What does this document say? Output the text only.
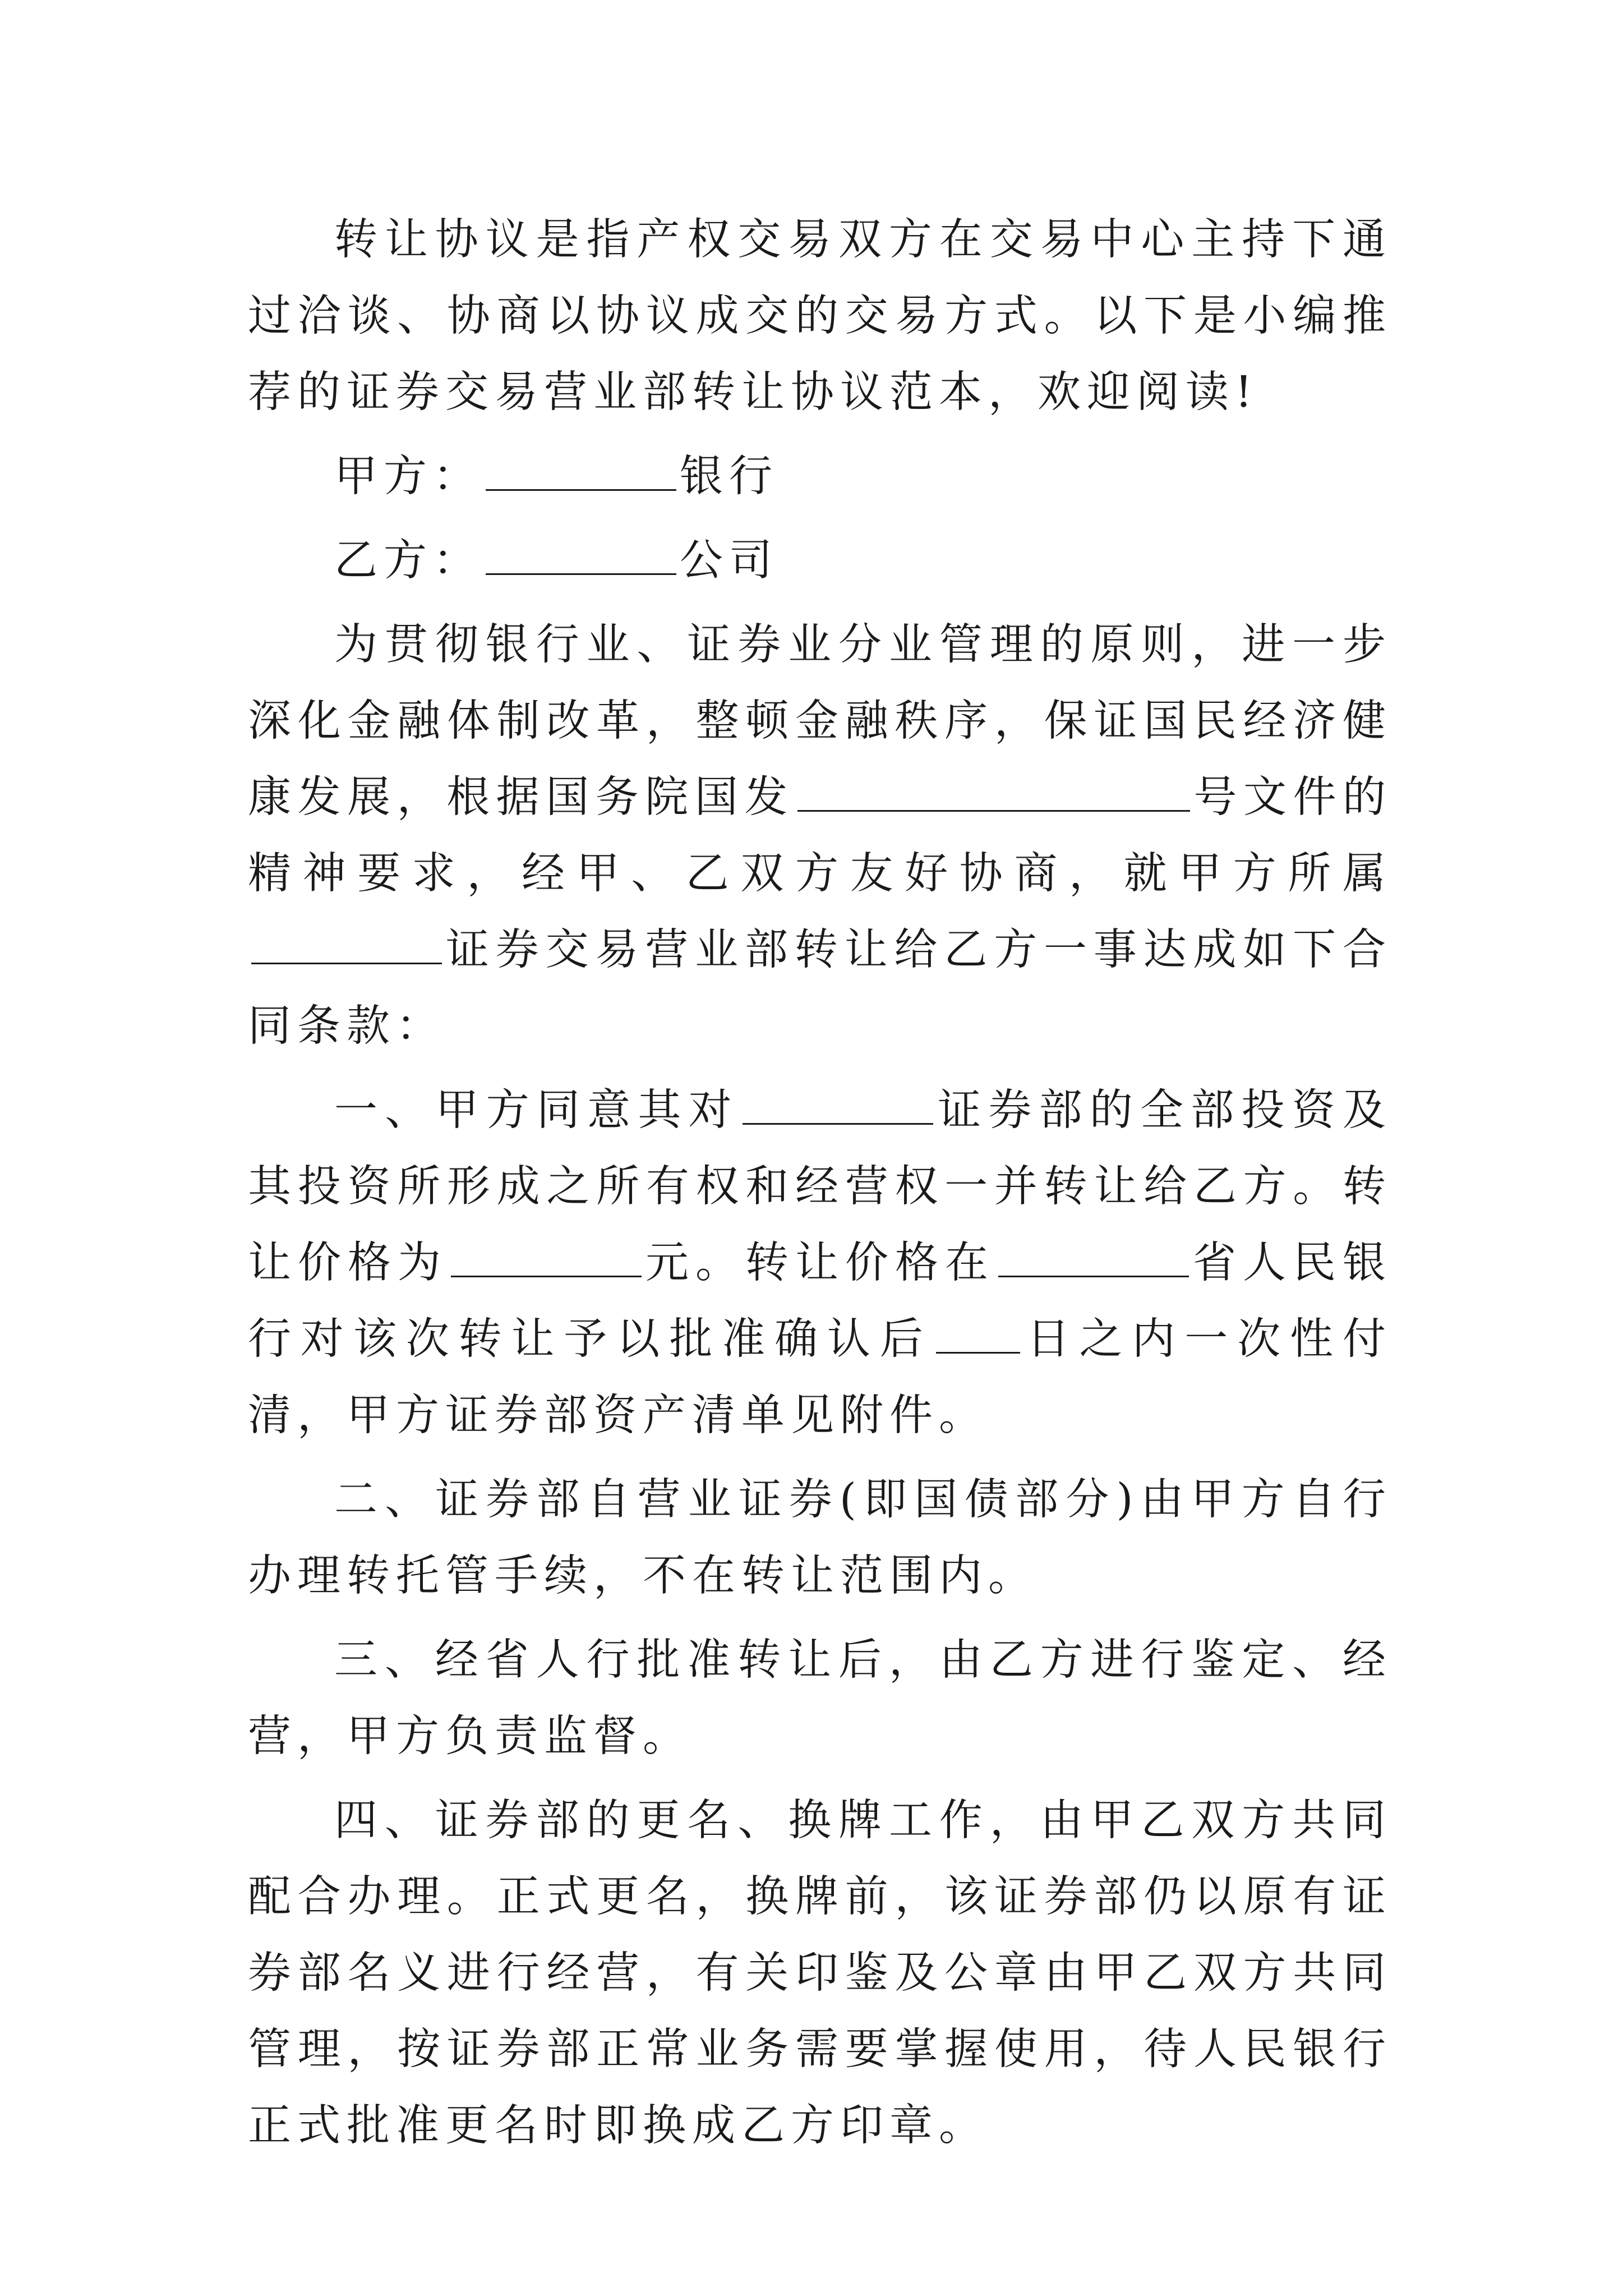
转让协议是指产权交易双方在交易中心主持下通过洽谈、协商以协议成交的交易方式。以下是小编推荐的证券交易营业部转让协议范本，欢迎阅读!

甲方：	银行

乙方：	公司

为贯彻银行业、证券业分业管理的原则，进一步深化金融体制改革，整顿金融秩序，保证国民经济健康发展，根据国务院国发	号文件的精神要求，经甲、乙双方友好协商，就甲方所属证券交易营业部转让给乙方一事达成如下合同条款：

一、甲方同意其对	证券部的全部投资及其投资所形成之所有权和经营权一并转让给乙方。转让价格为	元。转让价格在	省人民银行对该次转让予以批准确认后 日之内一次性付清，甲方证券部资产清单见附件。

二、证券部自营业证券(即国债部分)由甲方自行办理转托管手续，不在转让范围内。

三、经省人行批准转让后，由乙方进行鉴定、经营，甲方负责监督。

四、证券部的更名、换牌工作，由甲乙双方共同配合办理。正式更名，换牌前，该证券部仍以原有证券部名义进行经营，有关印鉴及公章由甲乙双方共同管理，按证券部正常业务需要掌握使用，待人民银行正式批准更名时即换成乙方印章。
